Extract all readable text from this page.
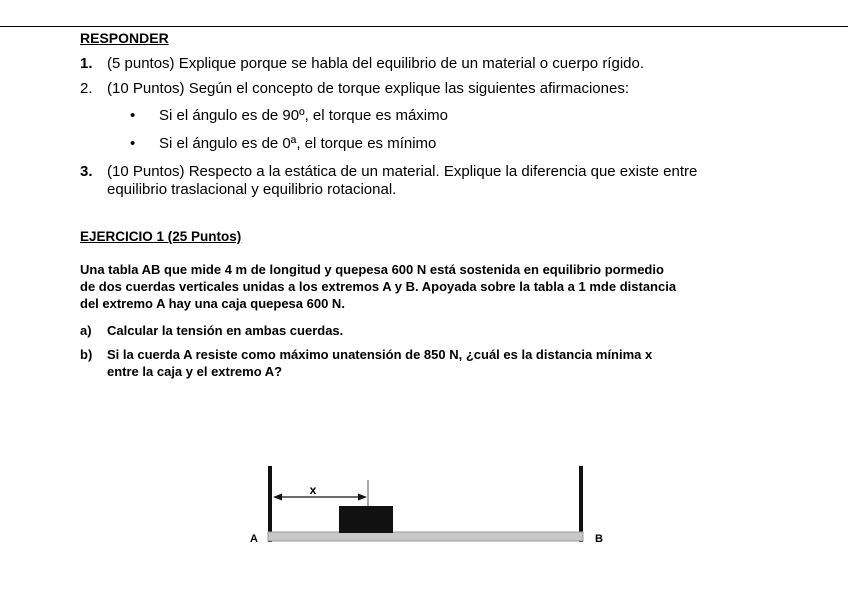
RESPONDER
1. (5 puntos) Explique porque se habla del equilibrio de un material o cuerpo rígido.
2. (10 Puntos) Según el concepto de torque explique las siguientes afirmaciones:
• Si el ángulo es de 90º, el torque es máximo
• Si el ángulo es de 0ª, el torque es mínimo
3. (10 Puntos) Respecto a la estática de un material. Explique la diferencia que existe entre
equilibrio traslacional y equilibrio rotacional.
EJERCICIO 1 (25 Puntos)
Una tabla AB que mide 4 m de longitud y quepesa 600 N está sostenida en equilibrio pormedio
de dos cuerdas verticales unidas a los extremos A y B. Apoyada sobre la tabla a 1 mde distancia
del extremo A hay una caja quepesa 600 N.
a) Calcular la tensión en ambas cuerdas.
b) Si la cuerda A resiste como máximo unatensión de 850 N, ¿cuál es la distancia mínima x
entre la caja y el extremo A?
x
A	B
